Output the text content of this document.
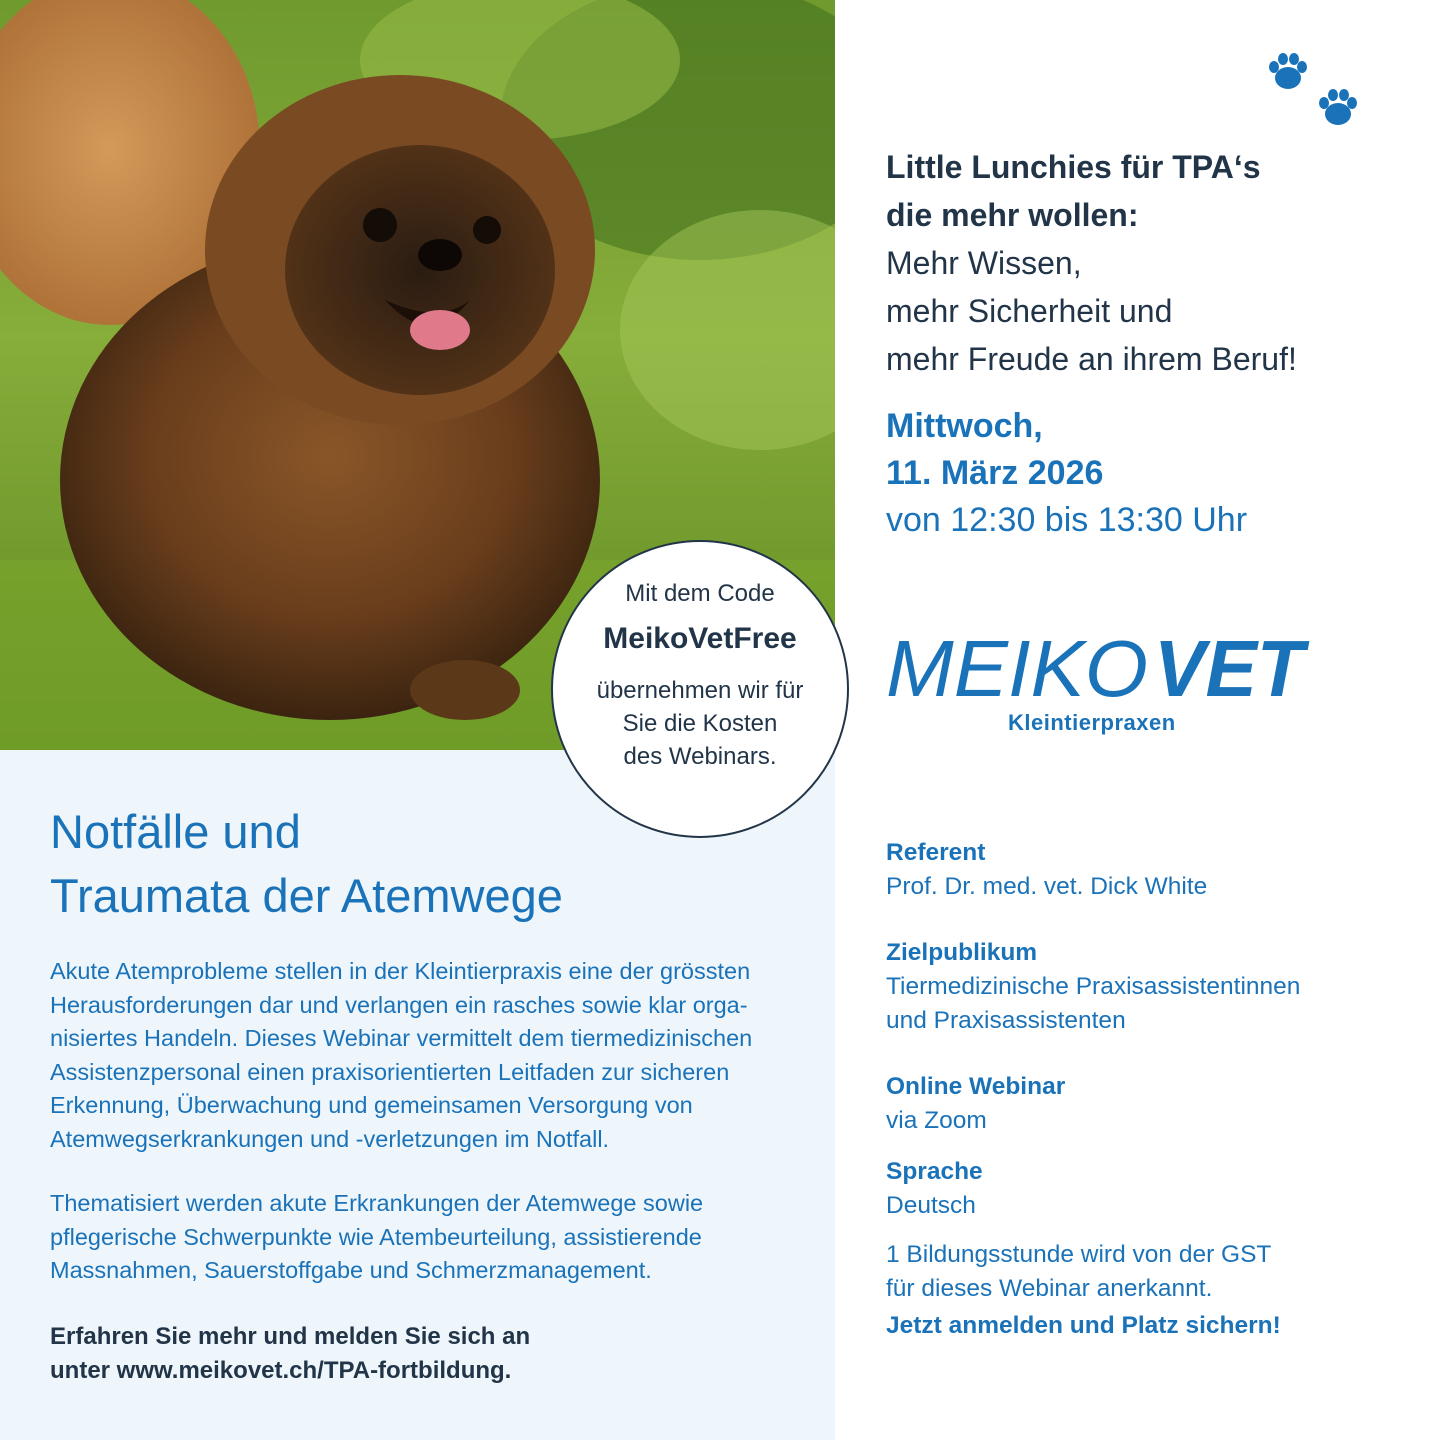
Little Lunchies für TPA‘s
die mehr wollen:
Mehr Wissen,
mehr Sicherheit und
mehr Freude an ihrem Beruf!
Mittwoch,
11. März 2026
von 12:30 bis 13:30 Uhr
MEIKO VET
Kleintierpraxen
Referent
Prof. Dr. med. vet. Dick White
Zielpublikum
Tiermedizinische Praxisassistentinnen
und Praxisassistenten
Online Webinar
via Zoom
Sprache
Deutsch
1 Bildungsstunde wird von der GST
für dieses Webinar anerkannt.
Jetzt anmelden und Platz sichern!
Notfälle und
Traumata der Atemwege

Akute Atemprobleme stellen in der Kleintierpraxis eine der grössten

Herausforderungen dar und verlangen ein rasches sowie klar orga-

nisiertes Handeln. Dieses Webinar vermittelt dem tiermedizinischen

Assistenzpersonal einen praxisorientierten Leitfaden zur sicheren

Erkennung, Überwachung und gemeinsamen Versorgung von

Atemwegserkrankungen und -verletzungen im Notfall.

Thematisiert werden akute Erkrankungen der Atemwege sowie

pflegerische Schwerpunkte wie Atembeurteilung, assistierende

Massnahmen, Sauerstoffgabe und Schmerzmanagement.

Erfahren Sie mehr und melden Sie sich an
unter www.meikovet.ch/TPA-fortbildung.
Mit dem Code
MeikoVetFree
übernehmen wir für
Sie die Kosten
des Webinars.
